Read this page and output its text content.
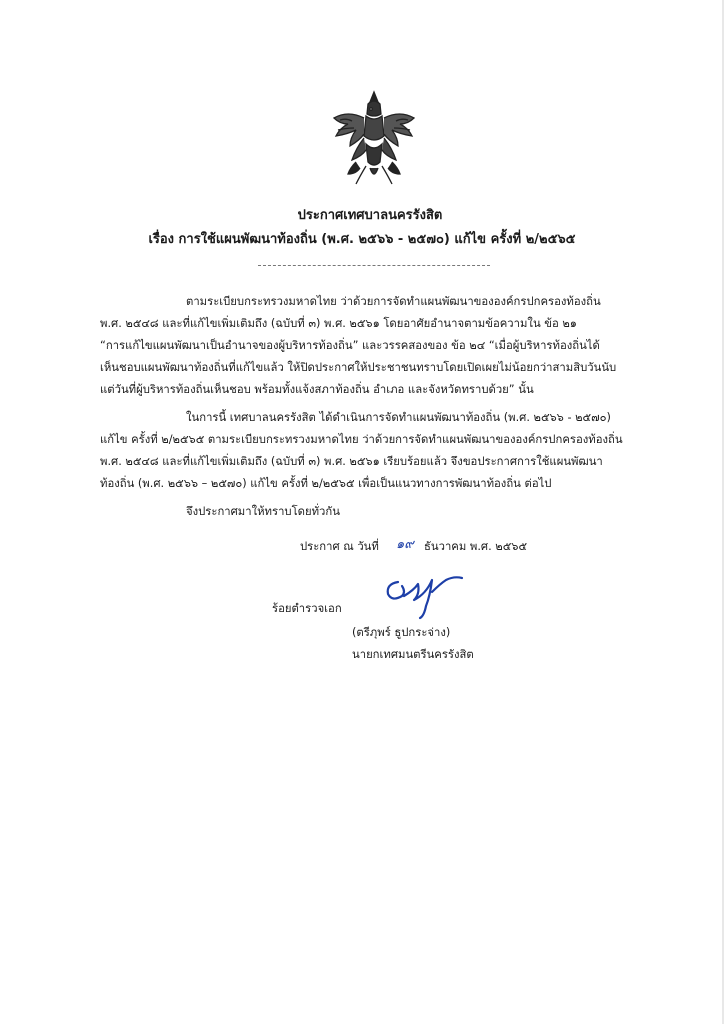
ประกาศเทศบาลนครรังสิต
เรื่อง การใช้แผนพัฒนาท้องถิ่น (พ.ศ. ๒๕๖๖ - ๒๕๗๐) แก้ไข ครั้งที่ ๒/๒๕๖๕
ตามระเบียบกระทรวงมหาดไทย ว่าด้วยการจัดทำแผนพัฒนาขององค์กรปกครองท้องถิ่น
พ.ศ. ๒๕๔๘ และที่แก้ไขเพิ่มเติมถึง (ฉบับที่ ๓) พ.ศ. ๒๕๖๑ โดยอาศัยอำนาจตามข้อความใน ข้อ ๒๑
“การแก้ไขแผนพัฒนาเป็นอำนาจของผู้บริหารท้องถิ่น” และวรรคสองของ ข้อ ๒๔ “เมื่อผู้บริหารท้องถิ่นได้
เห็นชอบแผนพัฒนาท้องถิ่นที่แก้ไขแล้ว ให้ปิดประกาศให้ประชาชนทราบโดยเปิดเผยไม่น้อยกว่าสามสิบวันนับ
แต่วันที่ผู้บริหารท้องถิ่นเห็นชอบ พร้อมทั้งแจ้งสภาท้องถิ่น อำเภอ และจังหวัดทราบด้วย” นั้น
ในการนี้ เทศบาลนครรังสิต ได้ดำเนินการจัดทำแผนพัฒนาท้องถิ่น (พ.ศ. ๒๕๖๖ - ๒๕๗๐)
แก้ไข ครั้งที่ ๒/๒๕๖๕ ตามระเบียบกระทรวงมหาดไทย ว่าด้วยการจัดทำแผนพัฒนาขององค์กรปกครองท้องถิ่น
พ.ศ. ๒๕๔๘ และที่แก้ไขเพิ่มเติมถึง (ฉบับที่ ๓) พ.ศ. ๒๕๖๑ เรียบร้อยแล้ว จึงขอประกาศการใช้แผนพัฒนา
ท้องถิ่น (พ.ศ. ๒๕๖๖ – ๒๕๗๐) แก้ไข ครั้งที่ ๒/๒๕๖๕ เพื่อเป็นแนวทางการพัฒนาท้องถิ่น ต่อไป
จึงประกาศมาให้ทราบโดยทั่วกัน
ประกาศ ณ วันที่ ๑๙ ธันวาคม พ.ศ. ๒๕๖๕
ร้อยตำรวจเอก
(ตรีภุพร์ ธูปกระจ่าง)
นายกเทศมนตรีนครรังสิต
